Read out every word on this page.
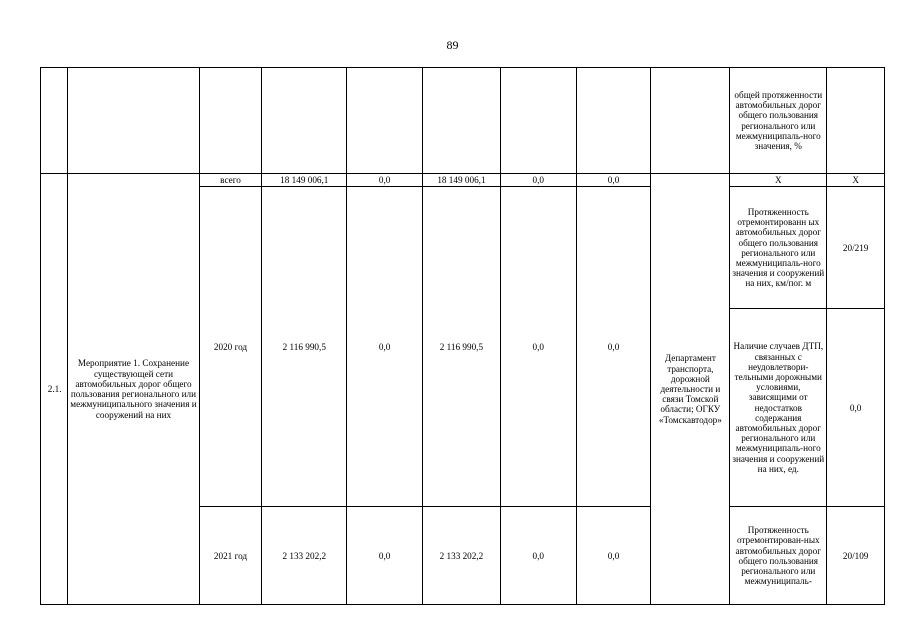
89
									общей протяженности автомобильных дорог общего пользования регионального или межмуниципаль-ного значения, %	
2.1.	Мероприятие 1. Сохранение существующей сети автомобильных дорог общего пользования регионального или межмуниципального значения и сооружений на них	всего	18 149 006,1	0,0	18 149 006,1	0,0	0,0	Департамент транспорта, дорожной деятельности и связи Томской области; ОГКУ «Томскавтодор»	Х	Х
		2020 год	2 116 990,5	0,0	2 116 990,5	0,0	0,0		Протяженность отремонтированн ых автомобильных дорог общего пользования регионального или межмуниципаль-ного значения и сооружений на них, км/пог. м	20/219
									Наличие случаев ДТП, связанных с неудовлетвори-тельными дорожными условиями, зависящими от недостатков содержания автомобильных дорог регионального или межмуниципаль-ного значения и сооружений на них, ед.	0,0
		2021 год	2 133 202,2	0,0	2 133 202,2	0,0	0,0		Протяженность отремонтирован-ных автомобильных дорог общего пользования регионального или межмуниципаль-	20/109
